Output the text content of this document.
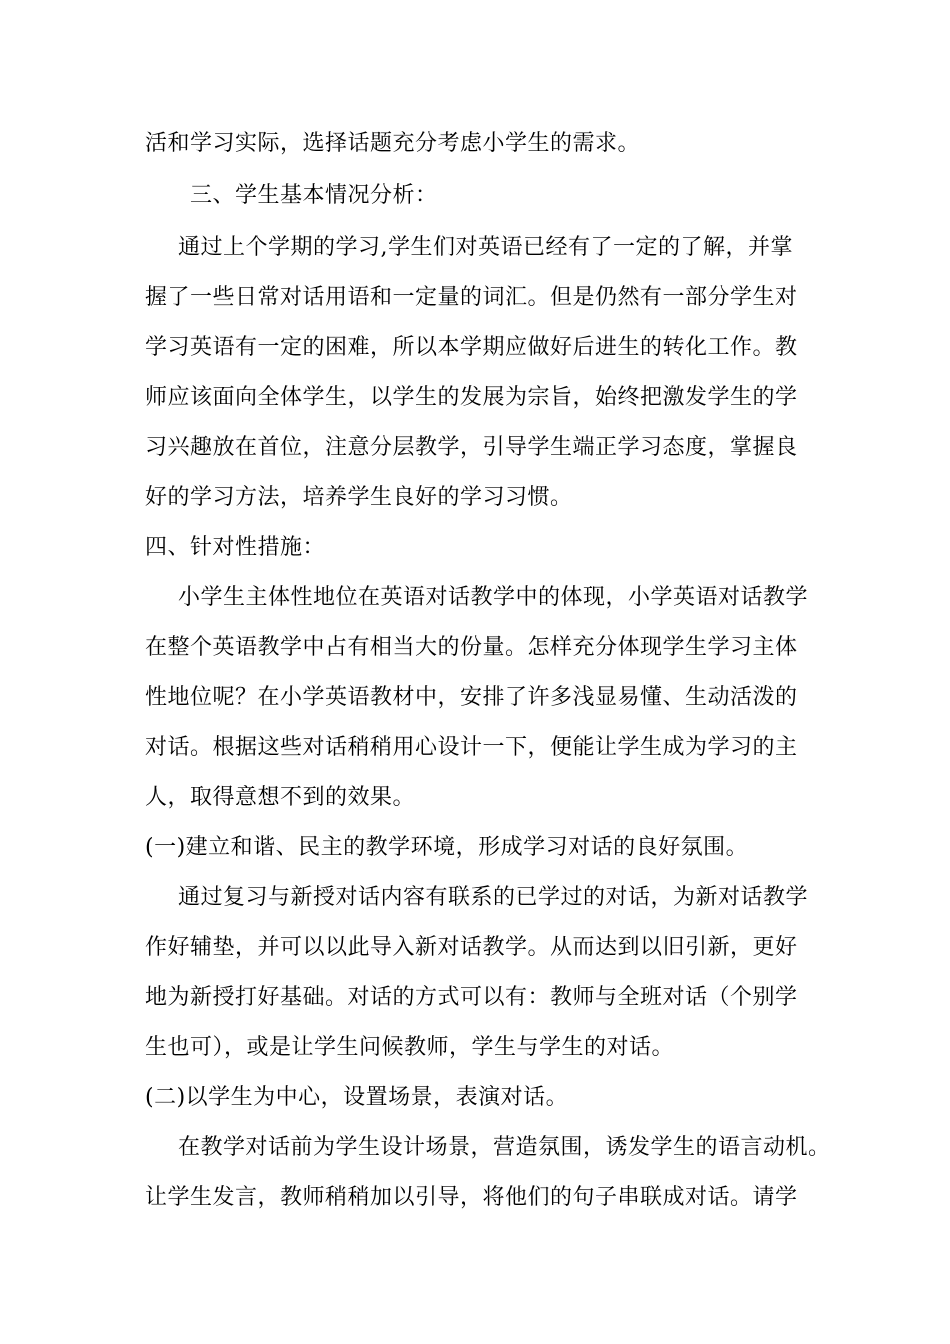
活和学习实际，选择话题充分考虑小学生的需求。
三、学生基本情况分析：
通过上个学期的学习,学生们对英语已经有了一定的了解，并掌
握了一些日常对话用语和一定量的词汇。但是仍然有一部分学生对
学习英语有一定的困难，所以本学期应做好后进生的转化工作。教
师应该面向全体学生，以学生的发展为宗旨，始终把激发学生的学
习兴趣放在首位，注意分层教学，引导学生端正学习态度，掌握良
好的学习方法，培养学生良好的学习习惯。
四、针对性措施：
小学生主体性地位在英语对话教学中的体现，小学英语对话教学
在整个英语教学中占有相当大的份量。怎样充分体现学生学习主体
性地位呢？在小学英语教材中，安排了许多浅显易懂、生动活泼的
对话。根据这些对话稍稍用心设计一下，便能让学生成为学习的主
人，取得意想不到的效果。
(一)建立和谐、民主的教学环境，形成学习对话的良好氛围。
通过复习与新授对话内容有联系的已学过的对话，为新对话教学
作好辅垫，并可以以此导入新对话教学。从而达到以旧引新，更好
地为新授打好基础。对话的方式可以有：教师与全班对话（个别学
生也可），或是让学生问候教师，学生与学生的对话。
(二)以学生为中心，设置场景，表演对话。
在教学对话前为学生设计场景，营造氛围，诱发学生的语言动机。
让学生发言，教师稍稍加以引导，将他们的句子串联成对话。请学
